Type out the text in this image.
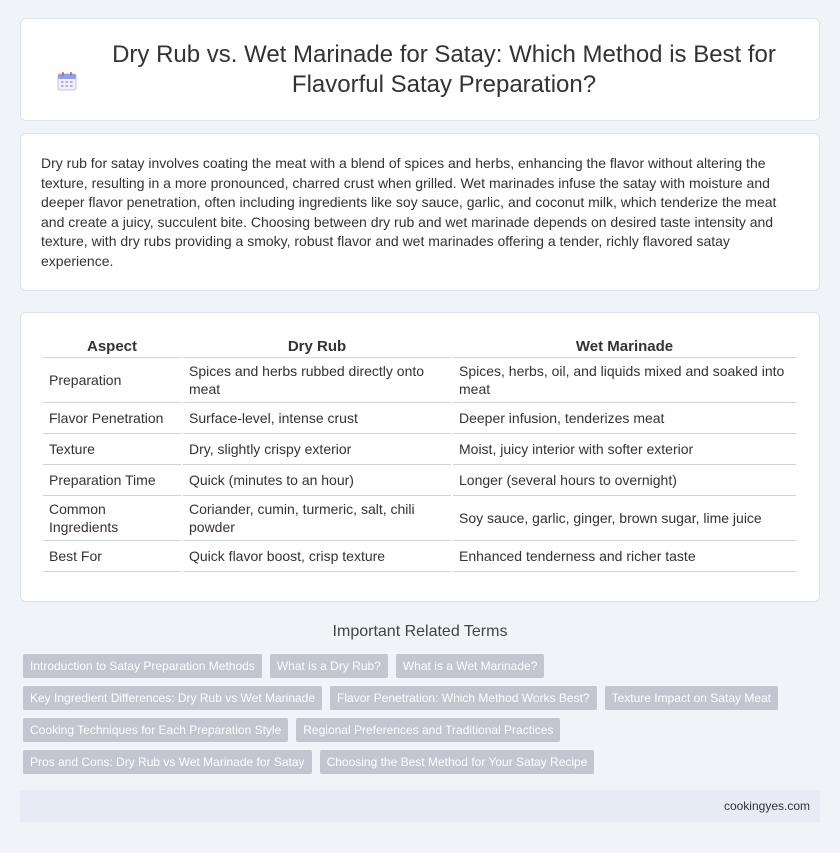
Dry Rub vs. Wet Marinade for Satay: Which Method is Best for Flavorful Satay Preparation?

Dry rub for satay involves coating the meat with a blend of spices and herbs, enhancing the flavor without altering the texture, resulting in a more pronounced, charred crust when grilled. Wet marinades infuse the satay with moisture and deeper flavor penetration, often including ingredients like soy sauce, garlic, and coconut milk, which tenderize the meat and create a juicy, succulent bite. Choosing between dry rub and wet marinade depends on desired taste intensity and texture, with dry rubs providing a smoky, robust flavor and wet marinades offering a tender, richly flavored satay experience.

Aspect	Dry Rub	Wet Marinade
Preparation	Spices and herbs rubbed directly onto meat	Spices, herbs, oil, and liquids mixed and soaked into meat
Flavor Penetration	Surface-level, intense crust	Deeper infusion, tenderizes meat
Texture	Dry, slightly crispy exterior	Moist, juicy interior with softer exterior
Preparation Time	Quick (minutes to an hour)	Longer (several hours to overnight)
Common Ingredients	Coriander, cumin, turmeric, salt, chili powder	Soy sauce, garlic, ginger, brown sugar, lime juice
Best For	Quick flavor boost, crisp texture	Enhanced tenderness and richer taste
Important Related Terms
Introduction to Satay Preparation Methods	What is a Dry Rub?	What is a Wet Marinade?
Key Ingredient Differences: Dry Rub vs Wet Marinade	Flavor Penetration: Which Method Works Best?	Texture Impact on Satay Meat
Cooking Techniques for Each Preparation Style	Regional Preferences and Traditional Practices
Pros and Cons: Dry Rub vs Wet Marinade for Satay	Choosing the Best Method for Your Satay Recipe
cookingyes.com
